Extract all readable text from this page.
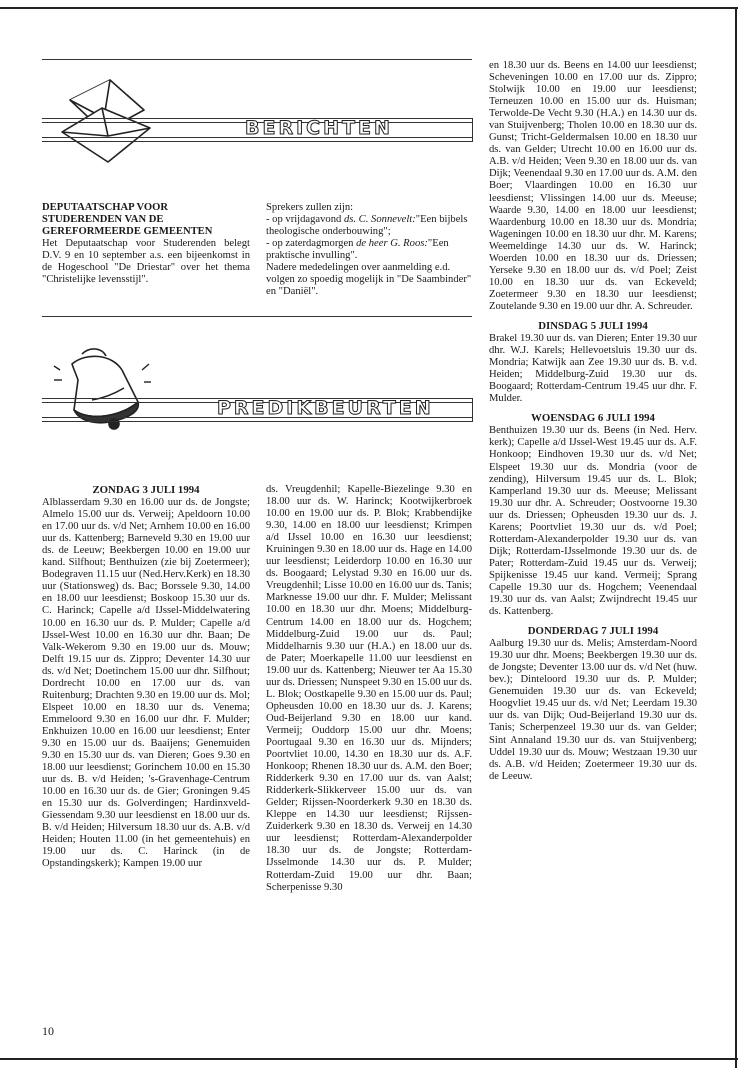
BERICHTEN

DEPUTAATSCHAP VOOR STUDERENDEN VAN DE GEREFORMEERDE GEMEENTEN

Het Deputaatschap voor Studerenden belegt D.V. 9 en 10 september a.s. een bijeenkomst in de Hogeschool "De Driestar" over het thema "Christelijke levensstijl".

Sprekers zullen zijn:

- op vrijdagavond ds. C. Sonnevelt:"Een bijbels theologische onderbouwing";

- op zaterdagmorgen de heer G. Roos:"Een praktische invulling".

Nadere mededelingen over aanmelding e.d. volgen zo spoedig mogelijk in "De Saambinder" en "Daniël".

en 18.30 uur ds. Beens en 14.00 uur leesdienst; Scheveningen 10.00 en 17.00 uur ds. Zippro; Stolwijk 10.00 en 19.00 uur leesdienst; Terneuzen 10.00 en 15.00 uur ds. Huisman; Terwolde-De Vecht 9.30 (H.A.) en 14.30 uur ds. van Stuijvenberg; Tholen 10.00 en 18.30 uur ds. Gunst; Tricht-Geldermalsen 10.00 en 18.30 uur ds. van Gelder; Utrecht 10.00 en 16.00 uur ds. A.B. v/d Heiden; Veen 9.30 en 18.00 uur ds. van Dijk; Veenendaal 9.30 en 17.00 uur ds. A.M. den Boer; Vlaardingen 10.00 en 16.30 uur leesdienst; Vlissingen 14.00 uur ds. Meeuse; Waarde 9.30, 14.00 en 18.00 uur leesdienst; Waardenburg 10.00 en 18.30 uur ds. Mondria; Wageningen 10.00 en 18.30 uur dhr. M. Karens; Weemeldinge 14.30 uur ds. W. Harinck; Woerden 10.00 en 18.30 uur ds. Driessen; Yerseke 9.30 en 18.00 uur ds. v/d Poel; Zeist 10.00 en 18.30 uur ds. van Eckeveld; Zoetermeer 9.30 en 18.30 uur leesdienst; Zoutelande 9.30 en 19.00 uur dhr. A. Schreuder.

DINSDAG 5 JULI 1994

Brakel 19.30 uur ds. van Dieren; Enter 19.30 uur dhr. W.J. Karels; Hellevoetsluis 19.30 uur ds. Mondria; Katwijk aan Zee 19.30 uur ds. B. v.d. Heiden; Middelburg-Zuid 19.30 uur ds. Boogaard; Rotterdam-Centrum 19.45 uur dhr. F. Mulder.

WOENSDAG 6 JULI 1994

Benthuizen 19.30 uur ds. Beens (in Ned. Herv. kerk); Capelle a/d IJssel-West 19.45 uur ds. A.F. Honkoop; Eindhoven 19.30 uur ds. v/d Net; Elspeet 19.30 uur ds. Mondria (voor de zending), Hilversum 19.45 uur ds. L. Blok; Kamperland 19.30 uur ds. Meeuse; Melissant 19.30 uur dhr. A. Schreuder; Oostvoorne 19.30 uur ds. Driessen; Opheusden 19.30 uur ds. J. Karens; Poortvliet 19.30 uur ds. v/d Poel; Rotterdam-Alexanderpolder 19.30 uur ds. van Dijk; Rotterdam-IJsselmonde 19.30 uur ds. de Pater; Rotterdam-Zuid 19.45 uur ds. Verweij; Spijkenisse 19.45 uur kand. Vermeij; Sprang Capelle 19.30 uur ds. Hogchem; Veenendaal 19.30 uur ds. van Aalst; Zwijndrecht 19.45 uur ds. Kattenberg.

DONDERDAG 7 JULI 1994

Aalburg 19.30 uur ds. Melis; Amsterdam-Noord 19.30 uur dhr. Moens; Beekbergen 19.30 uur ds. de Jongste; Deventer 13.00 uur ds. v/d Net (huw. bev.); Dinteloord 19.30 uur ds. P. Mulder; Genemuiden 19.30 uur ds. van Eckeveld; Hoogvliet 19.45 uur ds. v/d Net; Leerdam 19.30 uur ds. van Dijk; Oud-Beijerland 19.30 uur ds. Tanis; Scherpenzeel 19.30 uur ds. van Gelder; Sint Annaland 19.30 uur ds. van Stuijvenberg; Uddel 19.30 uur ds. Mouw; Westzaan 19.30 uur ds. A.B. v/d Heiden; Zoetermeer 19.30 uur ds. de Leeuw.

PREDIKBEURTEN

ZONDAG 3 JULI 1994

Alblasserdam 9.30 en 16.00 uur ds. de Jongste; Almelo 15.00 uur ds. Verweij; Apeldoorn 10.00 en 17.00 uur ds. v/d Net; Arnhem 10.00 en 16.00 uur ds. Kattenberg; Barneveld 9.30 en 19.00 uur ds. de Leeuw; Beekbergen 10.00 en 19.00 uur kand. Silfhout; Benthuizen (zie bij Zoetermeer); Bodegraven 11.15 uur (Ned.Herv.Kerk) en 18.30 uur (Stationsweg) ds. Bac; Borssele 9.30, 14.00 en 18.00 uur leesdienst; Boskoop 15.30 uur ds. C. Harinck; Capelle a/d IJssel-Middelwatering 10.00 en 16.30 uur ds. P. Mulder; Capelle a/d IJssel-West 10.00 en 16.30 uur dhr. Baan; De Valk-Wekerom 9.30 en 19.00 uur ds. Mouw; Delft 19.15 uur ds. Zippro; Deventer 14.30 uur ds. v/d Net; Doetinchem 15.00 uur dhr. Silfhout; Dordrecht 10.00 en 17.00 uur ds. van Ruitenburg; Drachten 9.30 en 19.00 uur ds. Mol; Elspeet 10.00 en 18.30 uur ds. Venema; Emmeloord 9.30 en 16.00 uur dhr. F. Mulder; Enkhuizen 10.00 en 16.00 uur leesdienst; Enter 9.30 en 15.00 uur ds. Baaijens; Genemuiden 9.30 en 15.30 uur ds. van Dieren; Goes 9.30 en 18.00 uur leesdienst; Gorinchem 10.00 en 15.30 uur ds. B. v/d Heiden; 's-Gravenhage-Centrum 10.00 en 16.30 uur ds. de Gier; Groningen 9.45 en 15.30 uur ds. Golverdingen; Hardinxveld-Giessendam 9.30 uur leesdienst en 18.00 uur ds. B. v/d Heiden; Hilversum 18.30 uur ds. A.B. v/d Heiden; Houten 11.00 (in het gemeentehuis) en 19.00 uur ds. C. Harinck (in de Opstandingskerk); Kampen 19.00 uur

ds. Vreugdenhil; Kapelle-Biezelinge 9.30 en 18.00 uur ds. W. Harinck; Kootwijkerbroek 10.00 en 19.00 uur ds. P. Blok; Krabbendijke 9.30, 14.00 en 18.00 uur leesdienst; Krimpen a/d IJssel 10.00 en 16.30 uur leesdienst; Kruiningen 9.30 en 18.00 uur ds. Hage en 14.00 uur leesdienst; Leiderdorp 10.00 en 16.30 uur ds. Boogaard; Lelystad 9.30 en 16.00 uur ds. Vreugdenhil; Lisse 10.00 en 16.00 uur ds. Tanis; Marknesse 19.00 uur dhr. F. Mulder; Melissant 10.00 en 18.30 uur dhr. Moens; Middelburg-Centrum 14.00 en 18.00 uur ds. Hogchem; Middelburg-Zuid 19.00 uur ds. Paul; Middelharnis 9.30 uur (H.A.) en 18.00 uur ds. de Pater; Moerkapelle 11.00 uur leesdienst en 19.00 uur ds. Kattenberg; Nieuwer ter Aa 15.30 uur ds. Driessen; Nunspeet 9.30 en 15.00 uur ds. L. Blok; Oostkapelle 9.30 en 15.00 uur ds. Paul; Opheusden 10.00 en 18.30 uur ds. J. Karens; Oud-Beijerland 9.30 en 18.00 uur kand. Vermeij; Ouddorp 15.00 uur dhr. Moens; Poortugaal 9.30 en 16.30 uur ds. Mijnders; Poortvliet 10.00, 14.30 en 18.30 uur ds. A.F. Honkoop; Rhenen 18.30 uur ds. A.M. den Boer; Ridderkerk 9.30 en 17.00 uur ds. van Aalst; Ridderkerk-Slikkerveer 15.00 uur ds. van Gelder; Rijssen-Noorderkerk 9.30 en 18.30 ds. Kleppe en 14.30 uur leesdienst; Rijssen-Zuiderkerk 9.30 en 18.30 ds. Verweij en 14.30 uur leesdienst; Rotterdam-Alexanderpolder 18.30 uur ds. de Jongste; Rotterdam-IJsselmonde 14.30 uur ds. P. Mulder; Rotterdam-Zuid 19.00 uur dhr. Baan; Scherpenisse 9.30

10
